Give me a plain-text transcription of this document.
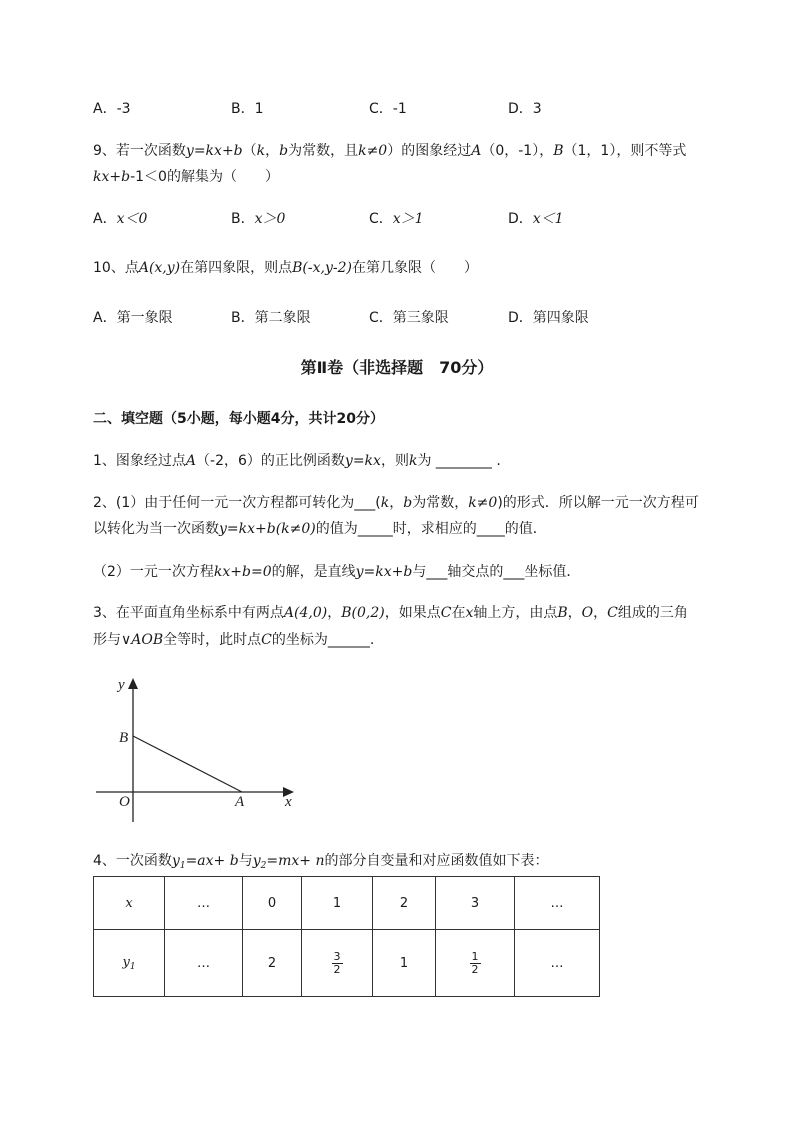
A．-3	B．1	C．-1	D．3
9、若一次函数y=kx+b（k，b为常数，且k≠0）的图象经过A（0，-1），B（1，1），则不等式
kx+b-1＜0的解集为（　　）
A．x＜0	B．x＞0	C．x＞1	D．x＜1
10、点A(x,y)在第四象限，则点B(-x,y-2)在第几象限（　　）
A．第一象限	B．第二象限	C．第三象限	D．第四象限
第Ⅱ卷（非选择题　70分）
二、填空题（5小题，每小题4分，共计20分）
1、图象经过点A（-2，6）的正比例函数y=kx，则k为 ________ .
2、(1）由于任何一元一次方程都可转化为___(k，b为常数，k≠0)的形式．所以解一元一次方程可
以转化为当一次函数y=kx+b(k≠0)的值为_____时，求相应的____的值．
（2）一元一次方程kx+b=0的解，是直线y=kx+b与___轴交点的___坐标值．
3、在平面直角坐标系中有两点A(4,0)，B(0,2)，如果点C在x轴上方，由点B，O，C组成的三角
形与∨AOB全等时，此时点C的坐标为______.
y
x
B
O	A
4、一次函数$y_1=ax+ b$与$y_2=mx+ n$的部分自变量和对应函数值如下表：
x	…	0	1	2	3	…
$y_1$	…	2	$\frac{3}{2}$	1	$\frac{1}{2}$	…
